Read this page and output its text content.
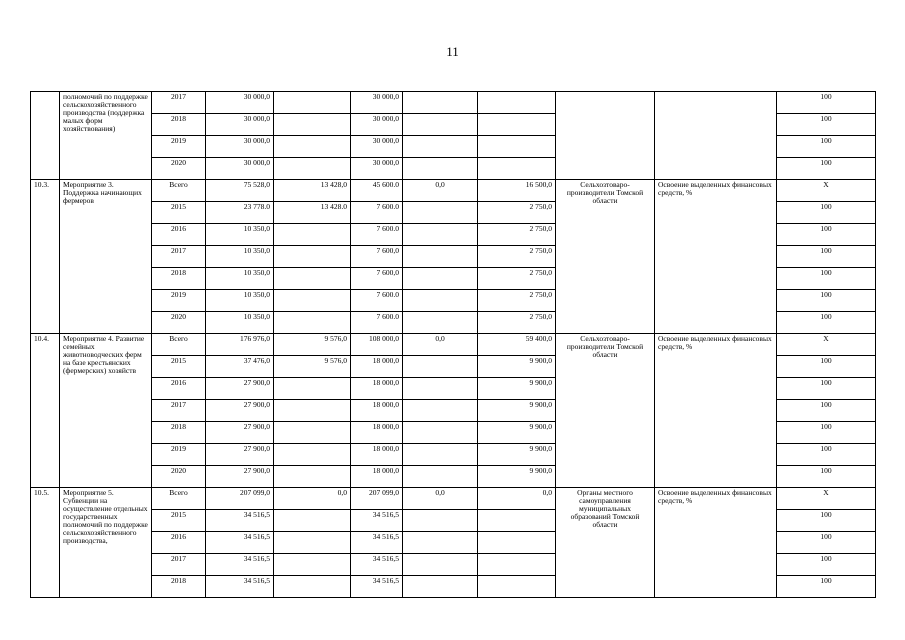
11
	полномочий по поддержке сельскохозяйственного производства (поддержка малых форм хозяйствования)	2017	30 000,0		30 000,0					100
		2018	30 000,0		30 000,0					100
		2019	30 000,0		30 000,0					100
		2020	30 000,0		30 000,0					100
10.3.	Мероприятие 3. Поддержка начинающих фермеров	Всего	75 528,0	13 428,0	45 600.0	0,0	16 500,0	Сельхозтоваро-производители Томской области	Освоение выделенных финансовых средств, %	X
		2015	23 778.0	13 428.0	7 600.0		2 750,0			100
		2016	10 350,0		7 600.0		2 750,0			100
		2017	10 350,0		7 600,0		2 750,0			100
		2018	10 350,0		7 600,0		2 750,0			100
		2019	10 350,0		7 600.0		2 750,0			100
		2020	10 350,0		7 600.0		2 750,0			100
10.4.	Мероприятие 4. Развитие семейных животноводческих ферм на базе крестьянских (фермерских) хозяйств	Всего	176 976,0	9 576,0	108 000,0	0,0	59 400,0	Сельхозтоваро-производители Томской области	Освоение выделенных финансовых средств, %	X
		2015	37 476,0	9 576,0	18 000,0		9 900,0			100
		2016	27 900,0		18 000,0		9 900,0			100
		2017	27 900,0		18 000,0		9 900,0			100
		2018	27 900,0		18 000,0		9 900,0			100
		2019	27 900,0		18 000,0		9 900,0			100
		2020	27 900,0		18 000,0		9 900,0			100
10.5.	Мероприятие 5. Субвенции на осуществление отдельных государственных полномочий по поддержке сельскохозяйственного производства,	Всего	207 099,0	0,0	207 099,0	0,0	0,0	Органы местного самоуправления муниципальных образований Томской области	Освоение выделенных финансовых средств, %	X
		2015	34 516,5		34 516,5					100
		2016	34 516,5		34 516,5					100
		2017	34 516,5		34 516,5					100
		2018	34 516,5		34 516,5					100
